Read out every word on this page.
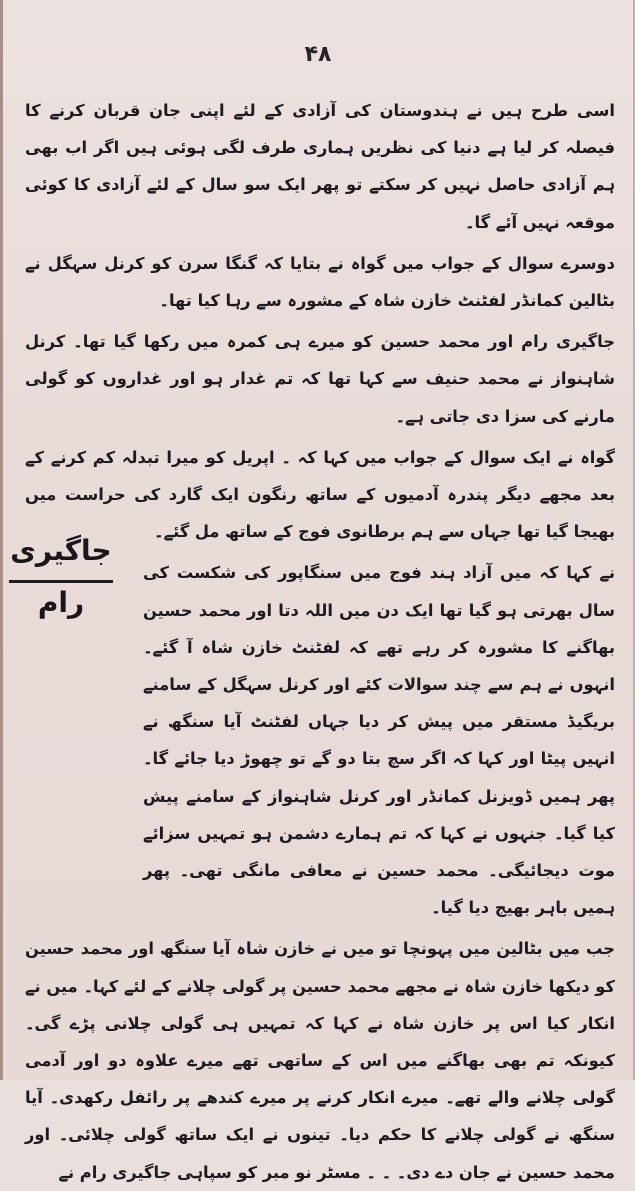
۴۸
جاگیری رام

اسی طرح ہیں نے ہندوستان کی آزادی کے لئے اپنی جان قربان کرنے کا فیصلہ کر لیا ہے دنیا کی نظریں ہماری طرف لگی ہوئی ہیں اگر اب بھی ہم آزادی حاصل نہیں کر سکتے تو پھر ایک سو سال کے لئے آزادی کا کوئی موقعہ نہیں آئے گا۔

دوسرے سوال کے جواب میں گواہ نے بتایا کہ گنگا سرن کو کرنل سہگل نے بٹالین کمانڈر لفٹنٹ خازن شاہ کے مشورہ سے رہا کیا تھا۔

جاگیری رام اور محمد حسین کو میرے ہی کمرہ میں رکھا گیا تھا۔ کرنل شاہنواز نے محمد حنیف سے کہا تھا کہ تم غدار ہو اور غداروں کو گولی مارنے کی سزا دی جاتی ہے۔

گواہ نے ایک سوال کے جواب میں کہا کہ ۔ اپریل کو میرا تبدلہ کم کرنے کے بعد مجھے دیگر پندرہ آدمیوں کے ساتھ رنگون ایک گارد کی حراست میں بھیجا گیا تھا جہاں سے ہم برطانوی فوج کے ساتھ مل گئے۔

نے کہا کہ میں آزاد ہند فوج میں سنگاپور کی شکست کی سال بھرتی ہو گیا تھا ایک دن میں اللہ دتا اور محمد حسین بھاگنے کا مشورہ کر رہے تھے کہ لفٹنٹ خازن شاہ آ گئے۔ انہوں نے ہم سے چند سوالات کئے اور کرنل سہگل کے سامنے بریگیڈ مستقر میں پیش کر دیا جہاں لفٹنٹ آیا سنگھ نے انہیں پیٹا اور کہا کہ اگر سچ بتا دو گے تو چھوڑ دیا جائے گا۔ پھر ہمیں ڈویزنل کمانڈر اور کرنل شاہنواز کے سامنے پیش کیا گیا۔ جنہوں نے کہا کہ تم ہمارے دشمن ہو تمہیں سزائے موت دیجائیگی۔ محمد حسین نے معافی مانگی تھی۔ پھر ہمیں باہر بھیج دیا گیا۔

جب میں بٹالین میں پہونچا تو میں نے خازن شاہ آیا سنگھ اور محمد حسین کو دیکھا خازن شاہ نے مجھے محمد حسین پر گولی چلانے کے لئے کہا۔ میں نے انکار کیا اس پر خازن شاہ نے کہا کہ تمہیں ہی گولی چلانی پڑے گی۔ کیونکہ تم بھی بھاگنے میں اس کے ساتھی تھے میرے علاوہ دو اور آدمی گولی چلانے والے تھے۔ میرے انکار کرنے پر میرے کندھے پر رائفل رکھدی۔ آیا سنگھ نے گولی چلانے کا حکم دیا۔ تینوں نے ایک ساتھ گولی چلائی۔ اور محمد حسین نے جان دے دی۔ ۔ ۔ مسٹر نو مبر کو سپاہی جاگیری رام نے
